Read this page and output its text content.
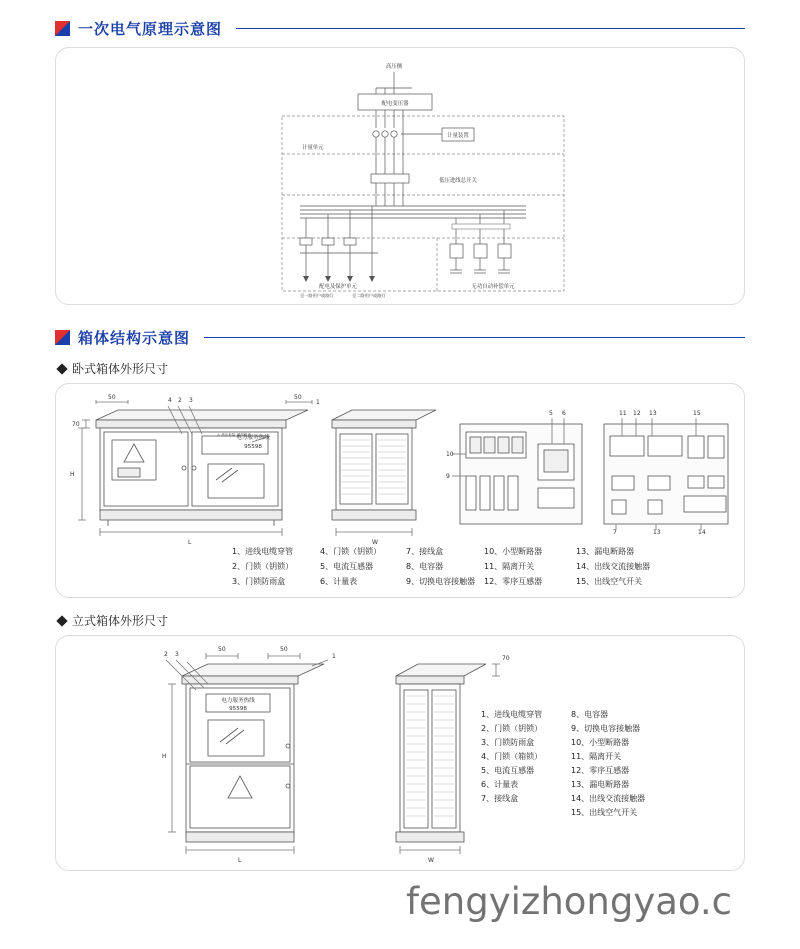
一次电气原理示意图
高压侧
配电变压器
计量装置
计量单元
低压进线总开关
配电及保护单元	无功自动补偿单元
至一路用户或路灯	至二路用户或路灯
箱体结构示意图
卧式箱体外形尺寸
50	50
4 2 3	1
70
H
L	W
10
9
5 6	11 12 13	15
7	13	14
电力服务热线
95598
⚠ 高压危险 请勿靠近
1、进线电缆穿管
2、门锁（钥锁）
3、门锁防雨盒
4、门锁（钥锁）
5、电流互感器
6、计量表
7、接线盒
8、电容器
9、切换电容接触器
10、小型断路器
11、隔离开关
12、零序互感器
13、漏电断路器
14、出线交流接触器
15、出线空气开关
立式箱体外形尺寸
50	50
2 3	1	70
H
L	W
电力服务热线
95598
1、进线电缆穿管
2、门锁（钥锁）
3、门锁防雨盒
4、门锁（箱锁）
5、电流互感器
6、计量表
7、接线盒
8、电容器
9、切换电容接触器
10、小型断路器
11、隔离开关
12、零序互感器
13、漏电断路器
14、出线交流接触器
15、出线空气开关
fengyizhongyao.c
